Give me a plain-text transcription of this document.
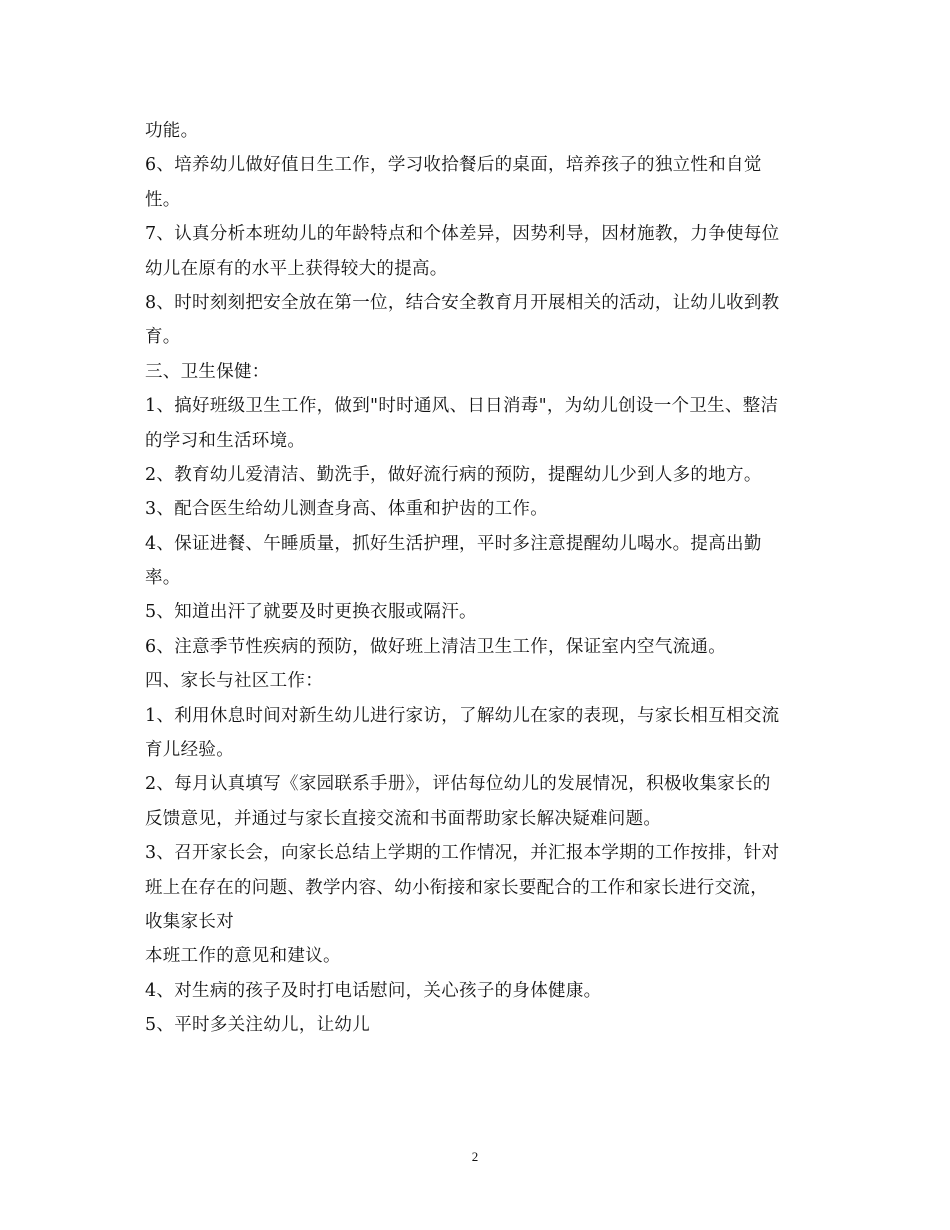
功能。
6、培养幼儿做好值日生工作，学习收拾餐后的桌面，培养孩子的独立性和自觉
性。
7、认真分析本班幼儿的年龄特点和个体差异，因势利导，因材施教，力争使每位
幼儿在原有的水平上获得较大的提高。
8、时时刻刻把安全放在第一位，结合安全教育月开展相关的活动，让幼儿收到教
育。
三、卫生保健：
1、搞好班级卫生工作，做到"时时通风、日日消毒"，为幼儿创设一个卫生、整洁
的学习和生活环境。
2、教育幼儿爱清洁、勤洗手，做好流行病的预防，提醒幼儿少到人多的地方。
3、配合医生给幼儿测查身高、体重和护齿的工作。
4、保证进餐、午睡质量，抓好生活护理，平时多注意提醒幼儿喝水。提高出勤
率。
5、知道出汗了就要及时更换衣服或隔汗。
6、注意季节性疾病的预防，做好班上清洁卫生工作，保证室内空气流通。
四、家长与社区工作：
1、利用休息时间对新生幼儿进行家访，了解幼儿在家的表现，与家长相互相交流
育儿经验。
2、每月认真填写《家园联系手册》，评估每位幼儿的发展情况，积极收集家长的
反馈意见，并通过与家长直接交流和书面帮助家长解决疑难问题。
3、召开家长会，向家长总结上学期的工作情况，并汇报本学期的工作按排，针对
班上在存在的问题、教学内容、幼小衔接和家长要配合的工作和家长进行交流，
收集家长对
本班工作的意见和建议。
4、对生病的孩子及时打电话慰问，关心孩子的身体健康。
5、平时多关注幼儿，让幼儿
2
